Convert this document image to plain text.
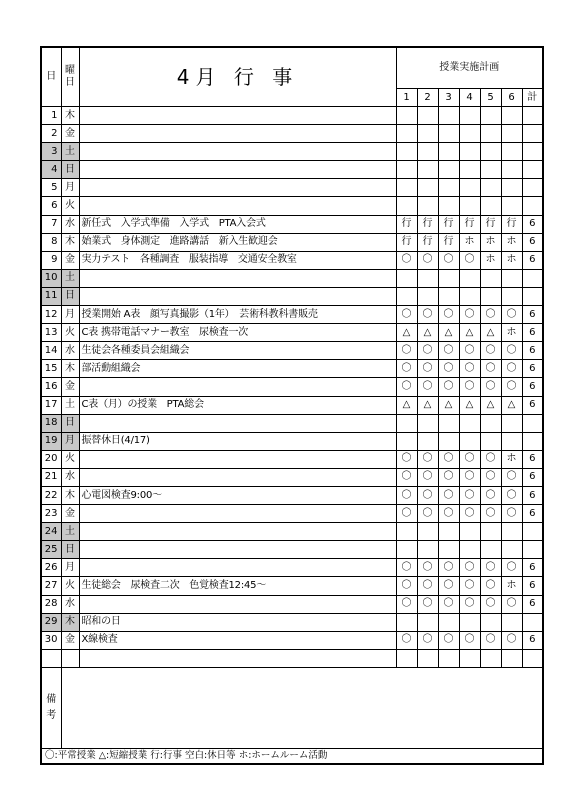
日	曜
日	4月 行 事	授業実施計画						
			1	2	3	4	5	6	計
1	木								
2	金								
3	土								
4	日								
5	月								
6	火								
7	水	新任式　入学式準備　入学式　PTA入会式	行	行	行	行	行	行	6
8	木	始業式　身体測定　進路講話　新入生歓迎会	行	行	行	ホ	ホ	ホ	6
9	金	実力テスト　各種調査　服装指導　交通安全教室	〇	〇	〇	〇	ホ	ホ	6
10	土								
11	日								
12	月	授業開始 A表　顔写真撮影（1年）　芸術科教科書販売	〇	〇	〇	〇	〇	〇	6
13	火	C表 携帯電話マナー教室　尿検査一次	△	△	△	△	△	ホ	6
14	水	生徒会各種委員会組織会	〇	〇	〇	〇	〇	〇	6
15	木	部活動組織会	〇	〇	〇	〇	〇	〇	6
16	金		〇	〇	〇	〇	〇	〇	6
17	土	C表（月）の授業　PTA総会	△	△	△	△	△	△	6
18	日								
19	月	振替休日(4/17)							
20	火		〇	〇	〇	〇	〇	ホ	6
21	水		〇	〇	〇	〇	〇	〇	6
22	木	心電図検査9:00～	〇	〇	〇	〇	〇	〇	6
23	金		〇	〇	〇	〇	〇	〇	6
24	土								
25	日								
26	月		〇	〇	〇	〇	〇	〇	6
27	火	生徒総会　尿検査二次　色覚検査12:45～	〇	〇	〇	〇	〇	ホ	6
28	水		〇	〇	〇	〇	〇	〇	6
29	木	昭和の日							
30	金	X線検査	〇	〇	〇	〇	〇	〇	6

備
考									
〇:平常授業 △:短縮授業 行:行事 空白:休日等 ホ:ホームルーム活動									
